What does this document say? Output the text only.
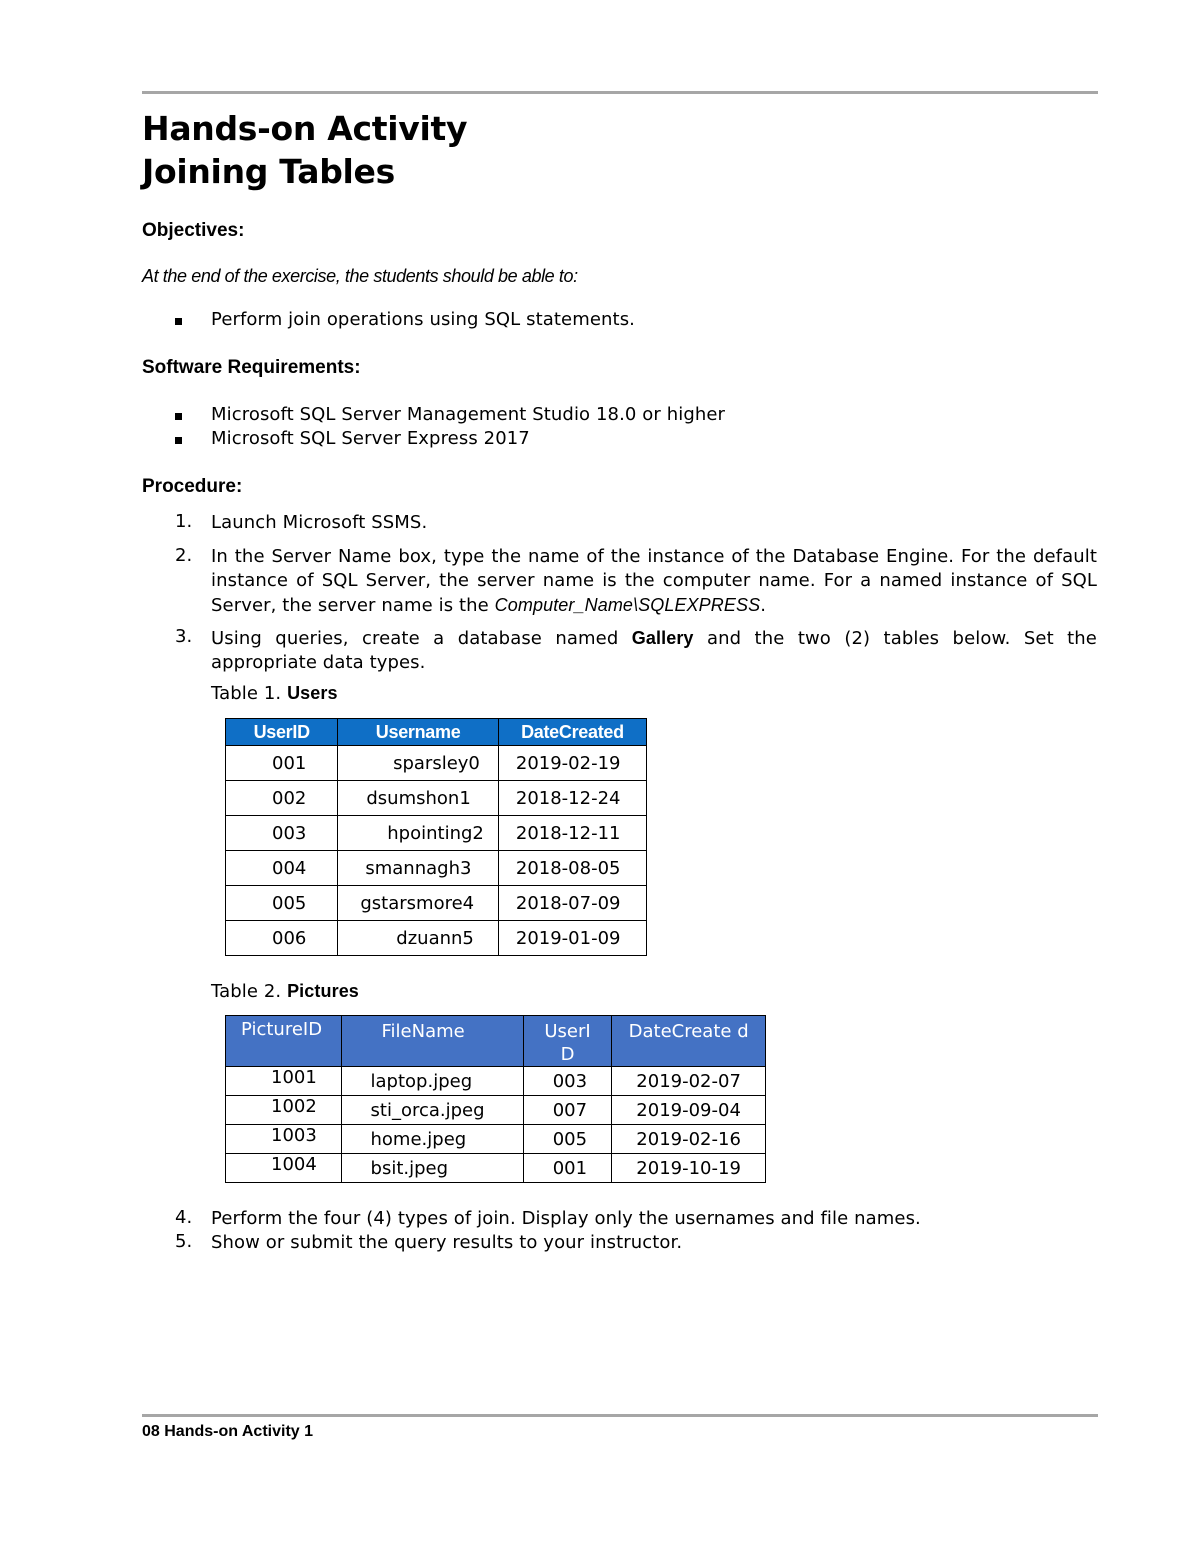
Hands-on Activity
Joining Tables
Objectives:

At the end of the exercise, the students should be able to:

Perform join operations using SQL statements.
Software Requirements:
Microsoft SQL Server Management Studio 18.0 or higher
Microsoft SQL Server Express 2017
Procedure:
1. Launch Microsoft SSMS.
2. In the Server Name box, type the name of the instance of the Database Engine. For the default instance of SQL Server, the server name is the computer name. For a named instance of SQL Server, the server name is the Computer_Name\SQLEXPRESS.
3. Using queries, create a database named Gallery and the two (2) tables below. Set the appropriate data types.

Table 1. Users

UserID	Username	DateCreated
001	sparsley0	2019-02-19
002	dsumshon1	2018-12-24
003	hpointing2	2018-12-11
004	smannagh3	2018-08-05
005	gstarsmore4	2018-07-09
006	dzuann5	2019-01-09

Table 2. Pictures

PictureID	FileName	UserI D	DateCreate d

1001	laptop.jpeg	003	2019-02-07
1002	sti_orca.jpeg	007	2019-09-04
1003	home.jpeg	005	2019-02-16
1004	bsit.jpeg	001	2019-10-19
4. Perform the four (4) types of join. Display only the usernames and file names.
5. Show or submit the query results to your instructor.

08 Hands-on Activity 1
